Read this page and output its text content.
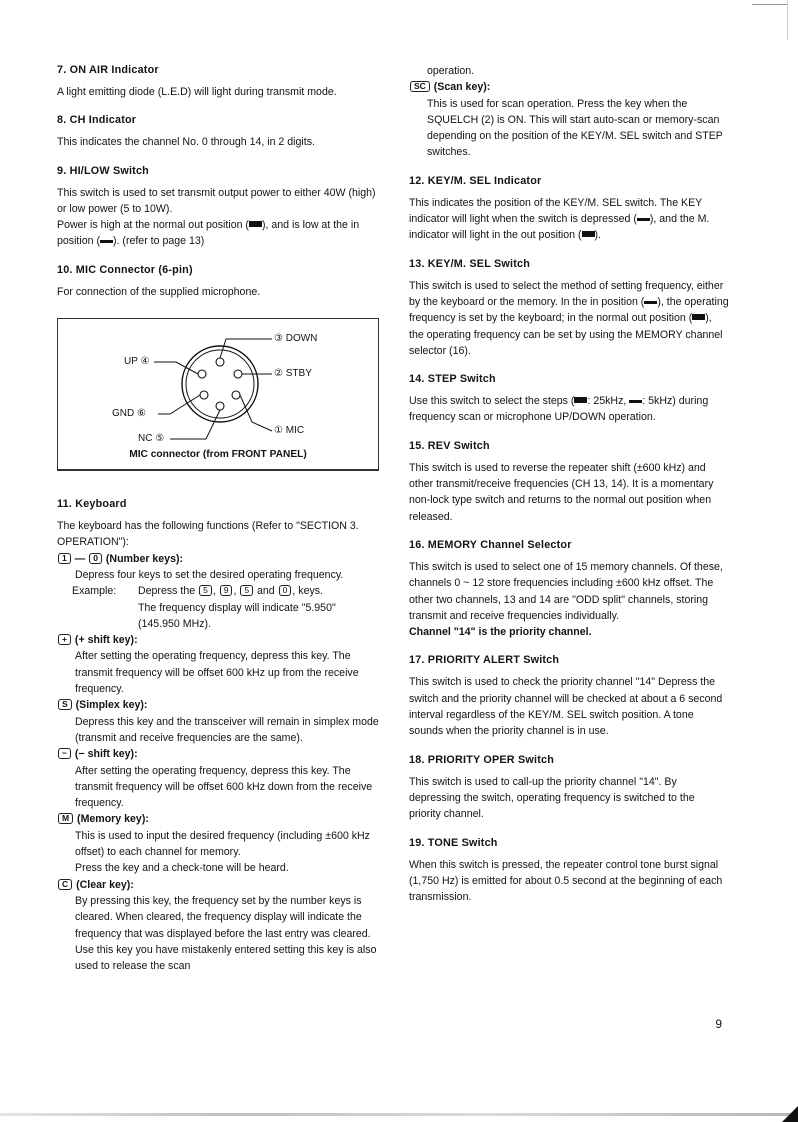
7. ON AIR Indicator

A light emitting diode (L.E.D) will light during transmit mode.

8. CH Indicator

This indicates the channel No. 0 through 14, in 2 digits.

9. HI/LOW Switch

This switch is used to set transmit output power to either 40W (high) or low power (5 to 10W).

Power is high at the normal out position ( ), and is low at the in position ( ). (refer to page 13)

10. MIC Connector (6-pin)

For connection of the supplied microphone.

③ DOWN
② STBY
UP ④
GND ⑥
① MIC
NC ⑤
MIC connector (from FRONT PANEL)
11. Keyboard

The keyboard has the following functions (Refer to "SECTION 3. OPERATION"):

1 — 0 (Number keys):

Depress four keys to set the desired operating frequency.

Example:	Depress the 5 , 9 , 5 and 0 , keys.
The frequency display will indicate "5.950" (145.950 MHz).

+ (+ shift key):

After setting the operating frequency, depress this key. The transmit frequency will be offset 600 kHz up from the receive frequency.

S (Simplex key):

Depress this key and the transceiver will remain in simplex mode (transmit and receive frequencies are the same).

− (− shift key):

After setting the operating frequency, depress this key. The transmit frequency will be offset 600 kHz down from the receive frequency.

M (Memory key):

This is used to input the desired frequency (including ±600 kHz offset) to each channel for memory.

Press the key and a check-tone will be heard.

C (Clear key):

By pressing this key, the frequency set by the number keys is cleared. When cleared, the frequency display will indicate the frequency that was displayed before the last entry was cleared. Use this key you have mistakenly entered setting this key is also used to release the scan

operation.

SC (Scan key):

This is used for scan operation. Press the key when the SQUELCH (2) is ON. This will start auto-scan or memory-scan depending on the position of the KEY/M. SEL switch and STEP switches.

12. KEY/M. SEL Indicator

This indicates the position of the KEY/M. SEL switch. The KEY indicator will light when the switch is depressed ( ), and the M. indicator will light in the out position ( ).

13. KEY/M. SEL Switch

This switch is used to select the method of setting frequency, either by the keyboard or the memory. In the in position ( ), the operating frequency is set by the keyboard; in the normal out position ( ), the operating frequency can be set by using the MEMORY channel selector (16).

14. STEP Switch

Use this switch to select the steps ( : 25kHz, : 5kHz) during frequency scan or microphone UP/DOWN operation.

15. REV Switch

This switch is used to reverse the repeater shift (±600 kHz) and other transmit/receive frequencies (CH 13, 14). It is a momentary non-lock type switch and returns to the normal out position when released.

16. MEMORY Channel Selector

This switch is used to select one of 15 memory channels. Of these, channels 0 ~ 12 store frequencies including ±600 kHz offset. The other two channels, 13 and 14 are "ODD split" channels, storing transmit and receive frequencies individually.

Channel "14" is the priority channel.

17. PRIORITY ALERT Switch

This switch is used to check the priority channel "14" Depress the switch and the priority channel will be checked at about a 6 second interval regardless of the KEY/M. SEL switch position. A tone sounds when the priority channel is in use.

18. PRIORITY OPER Switch

This switch is used to call-up the priority channel "14". By depressing the switch, operating frequency is switched to the priority channel.

19. TONE Switch

When this switch is pressed, the repeater control tone burst signal (1,750 Hz) is emitted for about 0.5 second at the beginning of each transmission.

9
